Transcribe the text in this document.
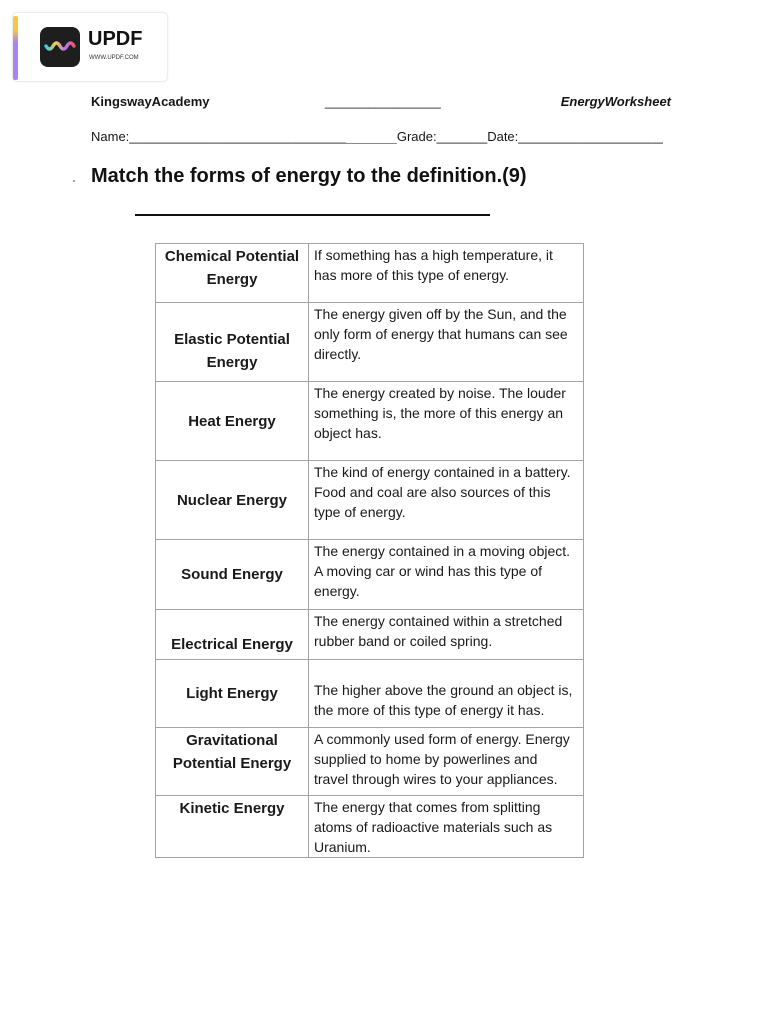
UPDF
WWW.UPDF.COM
KingswayAcademy	________________	EnergyWorksheet
Name:_____________________________________Grade:_______Date:____________________
Match the forms of energy to the definition.(9)
Chemical Potential Energy	If something has a high temperature, it
has more of this type of energy.
Elastic Potential Energy	The energy given off by the Sun, and the
only form of energy that humans can see
directly.
Heat Energy	The energy created by noise. The louder
something is, the more of this energy an
object has.
Nuclear Energy	The kind of energy contained in a battery.
Food and coal are also sources of this
type of energy.
Sound Energy	The energy contained in a moving object.
A moving car or wind has this type of
energy.
Electrical Energy	The energy contained within a stretched
rubber band or coiled spring.
Light Energy	The higher above the ground an object is,
the more of this type of energy it has.
Gravitational Potential Energy	A commonly used form of energy. Energy
supplied to home by powerlines and
travel through wires to your appliances.
Kinetic Energy	The energy that comes from splitting
atoms of radioactive materials such as
Uranium.
